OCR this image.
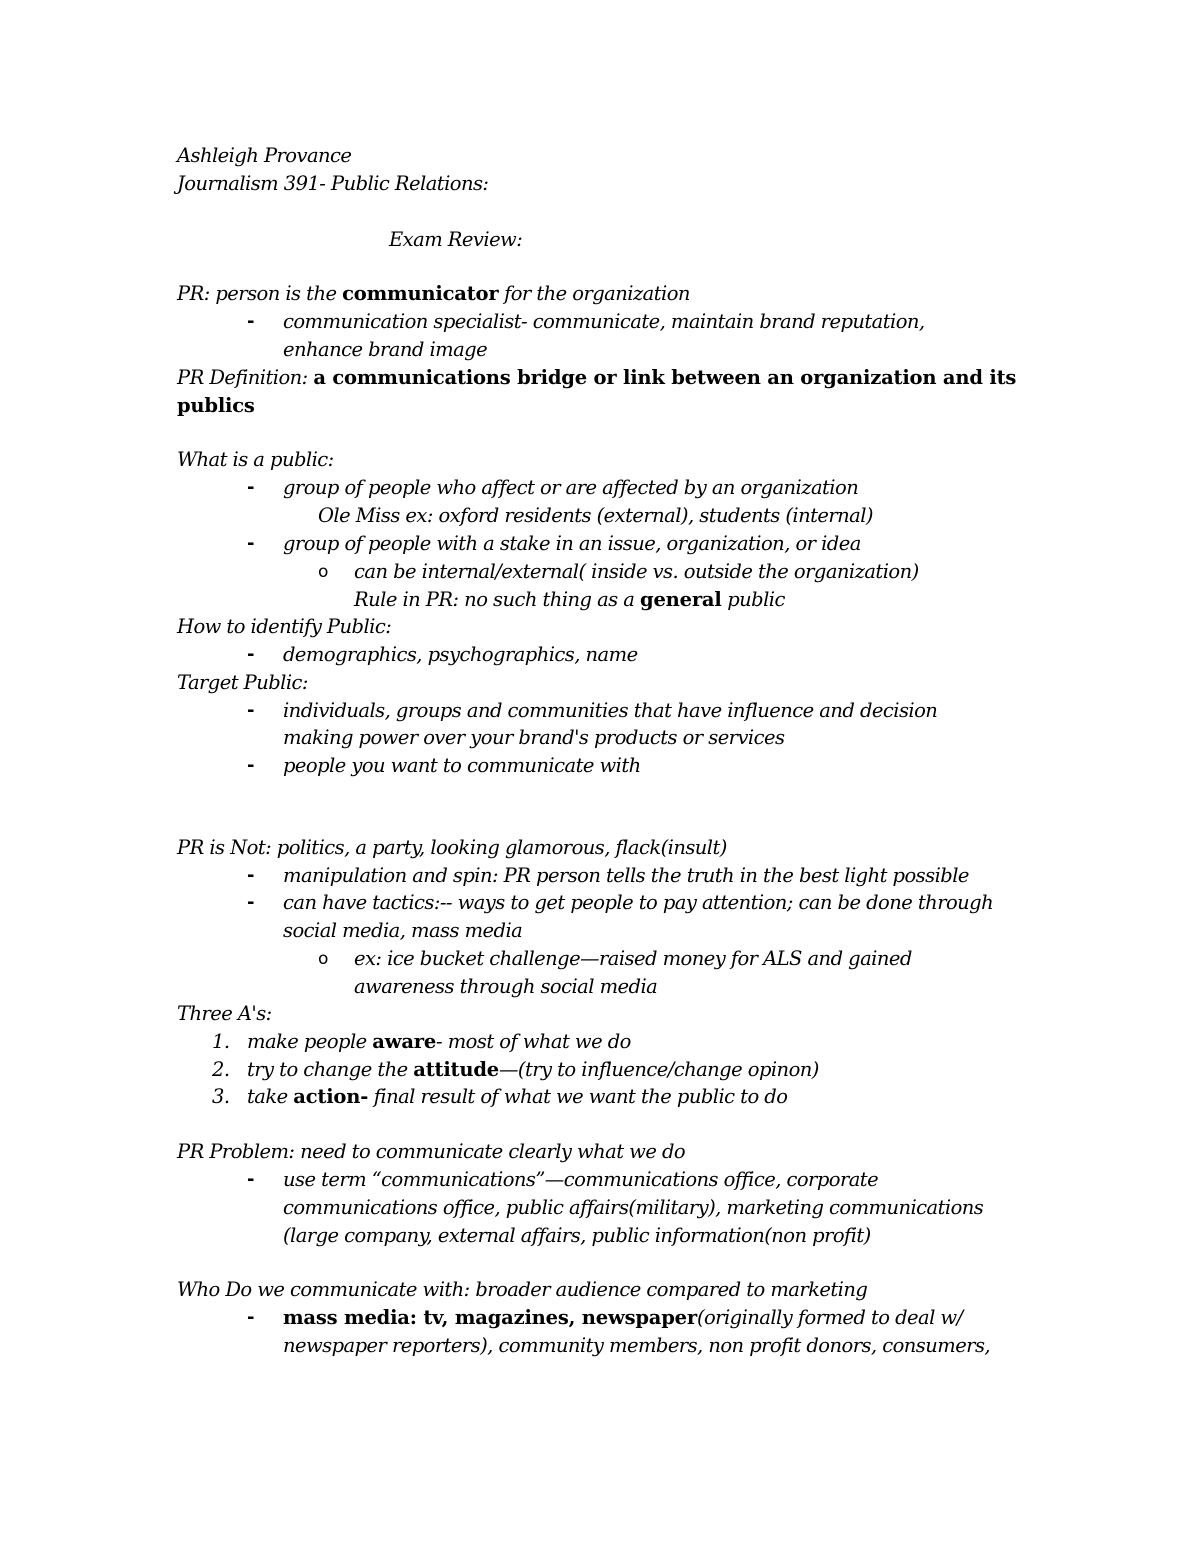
Ashleigh Provance
Journalism 391- Public Relations:
Exam Review:
PR: person is the communicator for the organization
- communication specialist- communicate, maintain brand reputation,
enhance brand image
PR Definition: a communications bridge or link between an organization and its
publics
What is a public:
- group of people who affect or are affected by an organization
Ole Miss ex: oxford residents (external), students (internal)
- group of people with a stake in an issue, organization, or idea
o can be internal/external( inside vs. outside the organization)
Rule in PR: no such thing as a general public
How to identify Public:
- demographics, psychographics, name
Target Public:
- individuals, groups and communities that have influence and decision
making power over your brand's products or services
- people you want to communicate with
PR is Not: politics, a party, looking glamorous, flack(insult)
- manipulation and spin: PR person tells the truth in the best light possible
- can have tactics:-- ways to get people to pay attention; can be done through
social media, mass media
o ex: ice bucket challenge—raised money for ALS and gained
awareness through social media
Three A's:
1. make people aware- most of what we do
2. try to change the attitude—(try to influence/change opinon)
3. take action- final result of what we want the public to do
PR Problem: need to communicate clearly what we do
- use term “communications”—communications office, corporate
communications office, public affairs(military), marketing communications
(large company, external affairs, public information(non profit)
Who Do we communicate with: broader audience compared to marketing
- mass media: tv, magazines, newspaper(originally formed to deal w/
newspaper reporters), community members, non profit donors, consumers,
